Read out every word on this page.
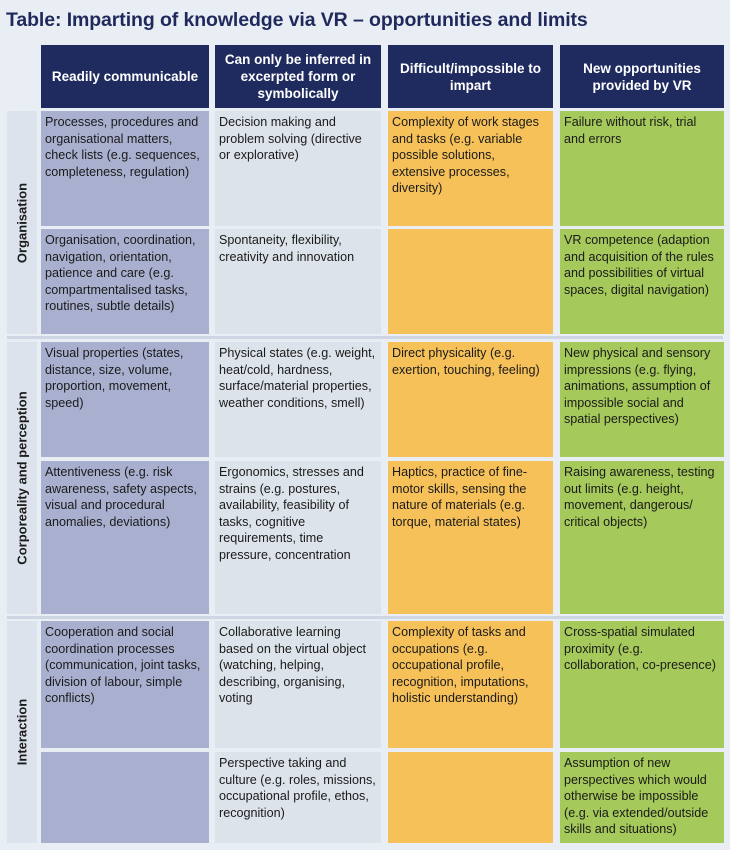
Table: Imparting of knowledge via VR – opportunities and limits
Readily communicable
Can only be inferred in excerpted form or symbolically
Difficult/impossible to impart
New opportunities provided by VR
Organisation
Processes, procedures and organisational matters, check lists (e.g. sequences, completeness, regulation)
Decision making and problem solving (directive or explorative)
Complexity of work stages and tasks (e.g. variable possible solutions, extensive processes, diversity)
Failure without risk, trial and errors
Organisation, coordination, navigation, orientation, patience and care (e.g. compartmentalised tasks, routines, subtle details)
Spontaneity, flexibility, creativity and innovation
VR competence (adaption and acquisition of the rules and possibilities of virtual spaces, digital navigation)
Corporeality and perception
Visual properties (states, distance, size, volume, proportion, movement, speed)
Physical states (e.g. weight, heat/cold, hardness, surface/material properties, weather conditions, smell)
Direct physicality (e.g. exertion, touching, feeling)
New physical and sensory impressions (e.g. flying, animations, assumption of impossible social and spatial perspectives)
Attentiveness (e.g. risk awareness, safety aspects, visual and procedural anomalies, deviations)
Ergonomics, stresses and strains (e.g. postures, availability, feasibility of tasks, cognitive requirements, time pressure, concentration
Haptics, practice of fine-motor skills, sensing the nature of materials (e.g. torque, material states)
Raising awareness, testing out limits (e.g. height, movement, dangerous/ critical objects)
Interaction
Cooperation and social coordination processes (communication, joint tasks, division of labour, simple conflicts)
Collaborative learning based on the virtual object (watching, helping, describing, organising, voting
Complexity of tasks and occupations (e.g. occupational profile, recognition, imputations, holistic understanding)
Cross-spatial simulated proximity (e.g. collaboration, co-presence)
Perspective taking and culture (e.g. roles, missions, occupational profile, ethos, recognition)
Assumption of new perspectives which would otherwise be impossible (e.g. via extended/outside skills and situations)
